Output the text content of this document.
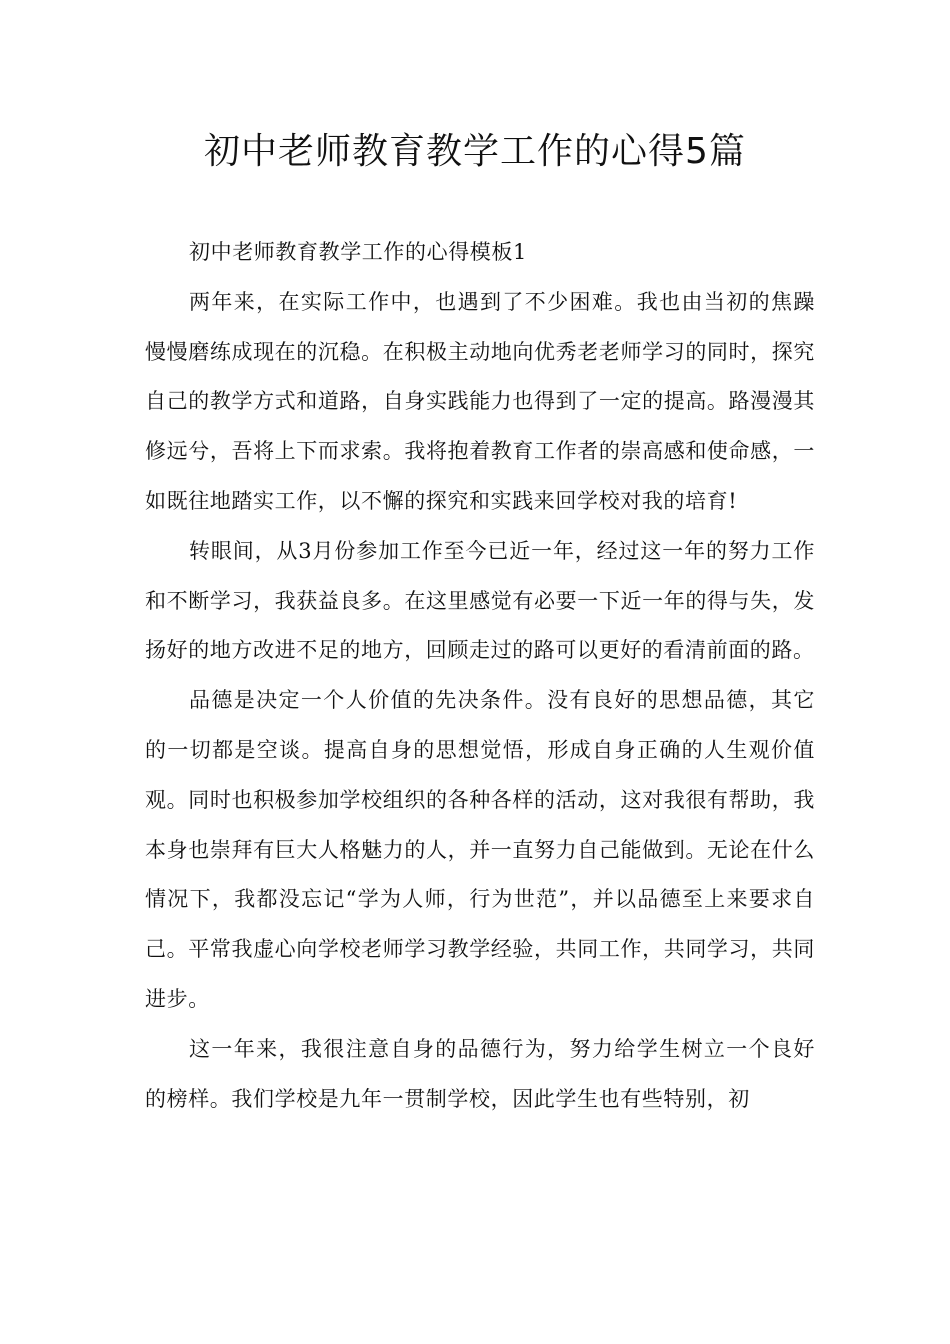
初中老师教育教学工作的心得5篇

初中老师教育教学工作的心得模板1

两年来，在实际工作中，也遇到了不少困难。我也由当初的焦躁慢慢磨练成现在的沉稳。在积极主动地向优秀老老师学习的同时，探究自己的教学方式和道路，自身实践能力也得到了一定的提高。路漫漫其修远兮，吾将上下而求索。我将抱着教育工作者的崇高感和使命感，一如既往地踏实工作，以不懈的探究和实践来回学校对我的培育!

转眼间，从3月份参加工作至今已近一年，经过这一年的努力工作和不断学习，我获益良多。在这里感觉有必要一下近一年的得与失，发扬好的地方改进不足的地方，回顾走过的路可以更好的看清前面的路。

品德是决定一个人价值的先决条件。没有良好的思想品德，其它的一切都是空谈。提高自身的思想觉悟，形成自身正确的人生观价值观。同时也积极参加学校组织的各种各样的活动，这对我很有帮助，我本身也崇拜有巨大人格魅力的人，并一直努力自己能做到。无论在什么情况下，我都没忘记“学为人师，行为世范”，并以品德至上来要求自己。平常我虚心向学校老师学习教学经验，共同工作，共同学习，共同进步。

这一年来，我很注意自身的品德行为，努力给学生树立一个良好的榜样。我们学校是九年一贯制学校，因此学生也有些特别，初
